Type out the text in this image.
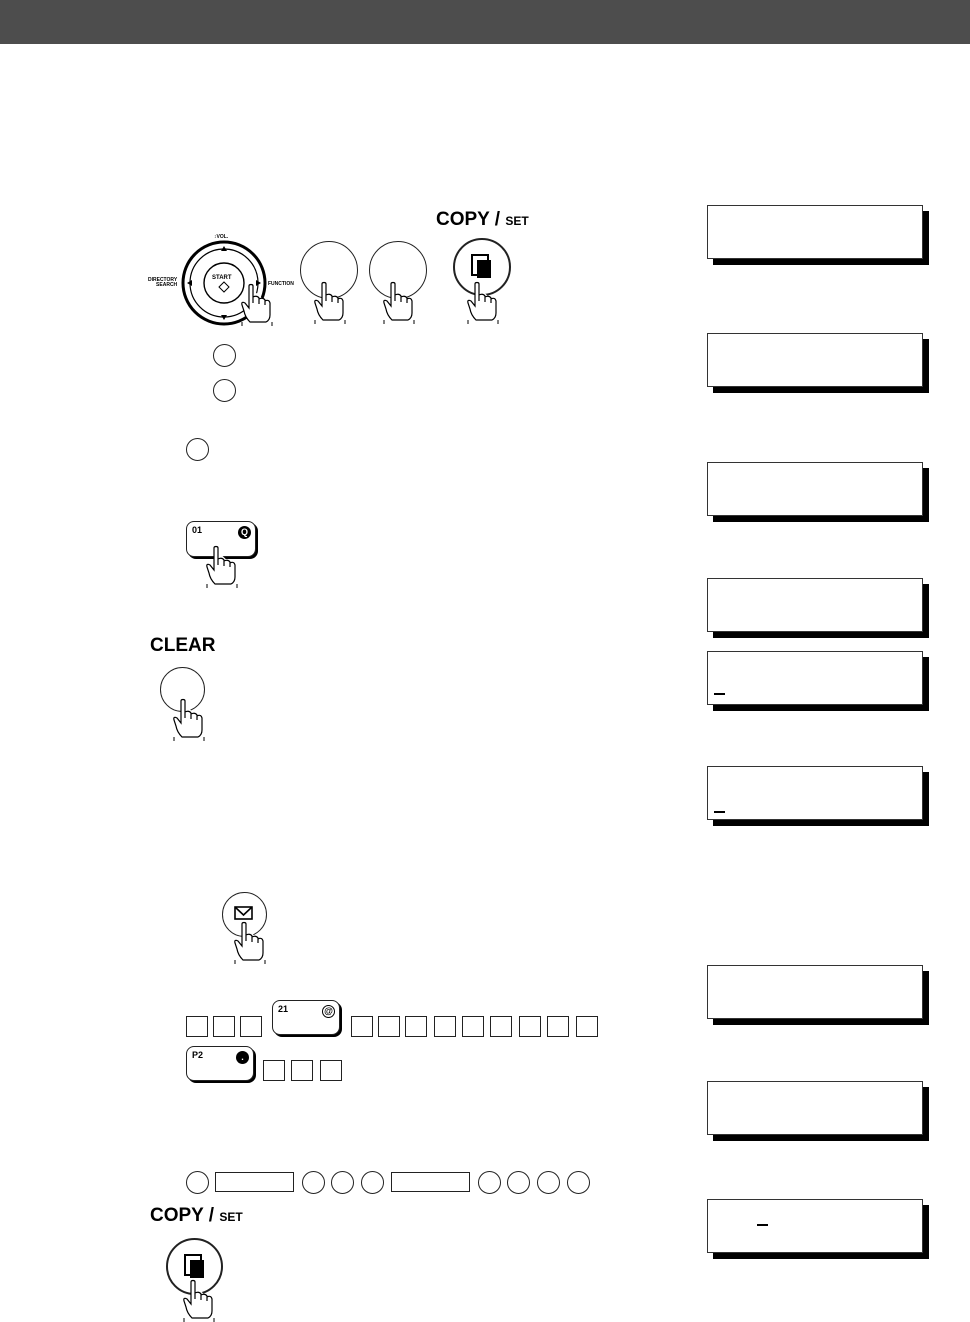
START
↕VOL.
DIRECTORY
SEARCH	FUNCTION
COPY / SET
01	Q
CLEAR
21	@
P2	.
COPY / SET
